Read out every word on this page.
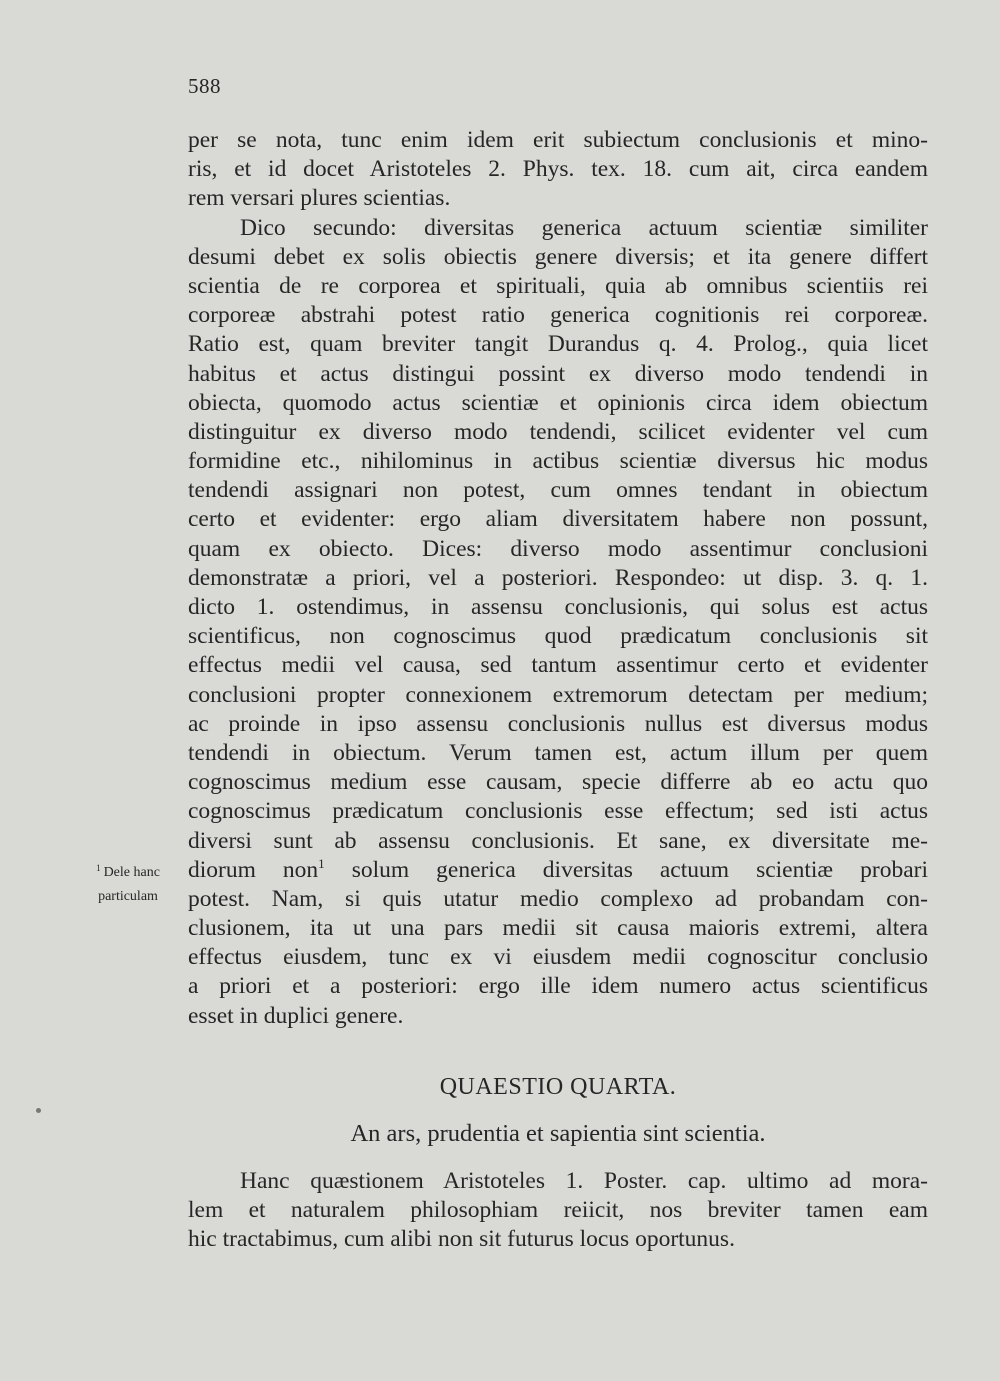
588
per se nota, tunc enim idem erit subiectum conclusionis et mino-
ris, et id docet Aristoteles 2. Phys. tex. 18. cum ait, circa eandem
rem versari plures scientias.
Dico secundo: diversitas generica actuum scientiæ similiter
desumi debet ex solis obiectis genere diversis; et ita genere differt
scientia de re corporea et spirituali, quia ab omnibus scientiis rei
corporeæ abstrahi potest ratio generica cognitionis rei corporeæ.
Ratio est, quam breviter tangit Durandus q. 4. Prolog., quia licet
habitus et actus distingui possint ex diverso modo tendendi in
obiecta, quomodo actus scientiæ et opinionis circa idem obiectum
distinguitur ex diverso modo tendendi, scilicet evidenter vel cum
formidine etc., nihilominus in actibus scientiæ diversus hic modus
tendendi assignari non potest, cum omnes tendant in obiectum
certo et evidenter: ergo aliam diversitatem habere non possunt,
quam ex obiecto. Dices: diverso modo assentimur conclusioni
demonstratæ a priori, vel a posteriori. Respondeo: ut disp. 3. q. 1.
dicto 1. ostendimus, in assensu conclusionis, qui solus est actus
scientificus, non cognoscimus quod prædicatum conclusionis sit
effectus medii vel causa, sed tantum assentimur certo et evidenter
conclusioni propter connexionem extremorum detectam per medium;
ac proinde in ipso assensu conclusionis nullus est diversus modus
tendendi in obiectum. Verum tamen est, actum illum per quem
cognoscimus medium esse causam, specie differre ab eo actu quo
cognoscimus prædicatum conclusionis esse effectum; sed isti actus
diversi sunt ab assensu conclusionis. Et sane, ex diversitate me-
diorum non$^1$ solum generica diversitas actuum scientiæ probari
potest. Nam, si quis utatur medio complexo ad probandam con-
clusionem, ita ut una pars medii sit causa maioris extremi, altera
effectus eiusdem, tunc ex vi eiusdem medii cognoscitur conclusio
a priori et a posteriori: ergo ille idem numero actus scientificus
esset in duplici genere.
$^1$ Dele hanc
particulam
QUAESTIO QUARTA.
An ars, prudentia et sapientia sint scientia.
Hanc quæstionem Aristoteles 1. Poster. cap. ultimo ad mora-
lem et naturalem philosophiam reiicit, nos breviter tamen eam
hic tractabimus, cum alibi non sit futurus locus oportunus.
